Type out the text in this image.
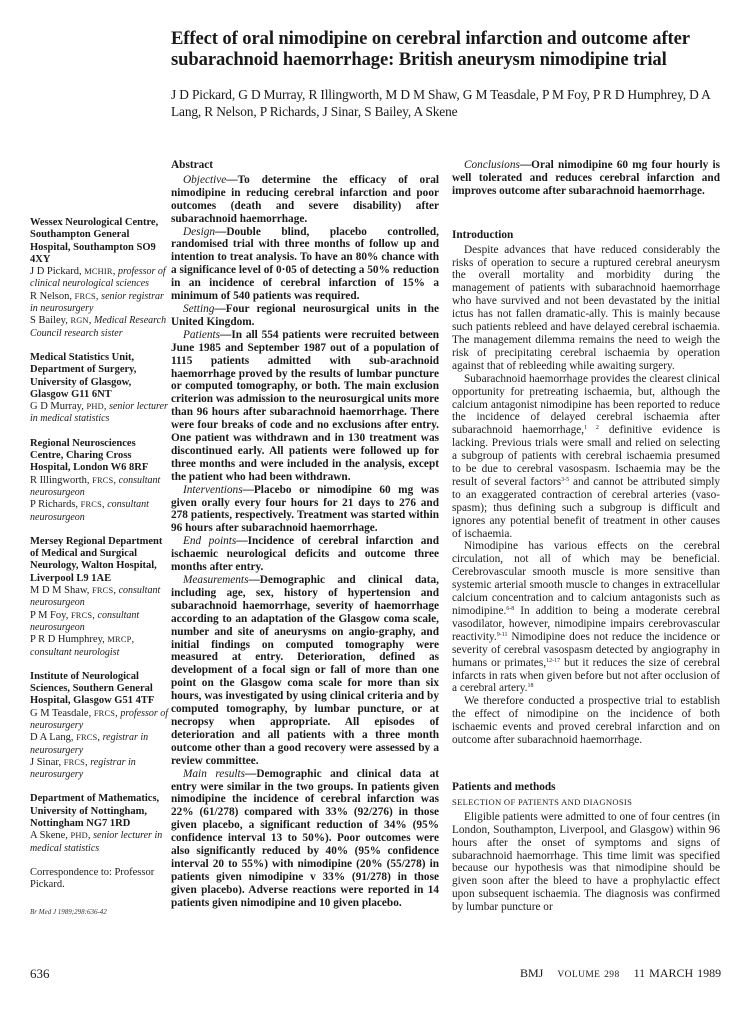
Effect of oral nimodipine on cerebral infarction and outcome after subarachnoid haemorrhage: British aneurysm nimodipine trial
J D Pickard, G D Murray, R Illingworth, M D M Shaw, G M Teasdale, P M Foy, P R D Humphrey, D A Lang, R Nelson, P Richards, J Sinar, S Bailey, A Skene
Wessex Neurological Centre, Southampton General Hospital, Southampton SO9 4XY
J D Pickard, MCHIR, professor of clinical neurological sciences
R Nelson, FRCS, senior registrar in neurosurgery
S Bailey, RGN, Medical Research Council research sister
Medical Statistics Unit, Department of Surgery, University of Glasgow, Glasgow G11 6NT
G D Murray, PHD, senior lecturer in medical statistics
Regional Neurosciences Centre, Charing Cross Hospital, London W6 8RF
R Illingworth, FRCS, consultant neurosurgeon
P Richards, FRCS, consultant neurosurgeon
Mersey Regional Department of Medical and Surgical Neurology, Walton Hospital, Liverpool L9 1AE
M D M Shaw, FRCS, consultant neurosurgeon
P M Foy, FRCS, consultant neurosurgeon
P R D Humphrey, MRCP, consultant neurologist
Institute of Neurological Sciences, Southern General Hospital, Glasgow G51 4TF
G M Teasdale, FRCS, professor of neurosurgery
D A Lang, FRCS, registrar in neurosurgery
J Sinar, FRCS, registrar in neurosurgery
Department of Mathematics, University of Nottingham, Nottingham NG7 1RD
A Skene, PHD, senior lecturer in medical statistics
Correspondence to: Professor Pickard.
Br Med J 1989;298:636-42
Abstract

Objective—To determine the efficacy of oral nimodipine in reducing cerebral infarction and poor outcomes (death and severe disability) after subarachnoid haemorrhage.

Design—Double blind, placebo controlled, randomised trial with three months of follow up and intention to treat analysis. To have an 80% chance with a significance level of 0·05 of detecting a 50% reduction in an incidence of cerebral infarction of 15% a minimum of 540 patients was required.

Setting—Four regional neurosurgical units in the United Kingdom.

Patients—In all 554 patients were recruited between June 1985 and September 1987 out of a population of 1115 patients admitted with sub-arachnoid haemorrhage proved by the results of lumbar puncture or computed tomography, or both. The main exclusion criterion was admission to the neurosurgical units more than 96 hours after subarachnoid haemorrhage. There were four breaks of code and no exclusions after entry. One patient was withdrawn and in 130 treatment was discontinued early. All patients were followed up for three months and were included in the analysis, except the patient who had been withdrawn.

Interventions—Placebo or nimodipine 60 mg was given orally every four hours for 21 days to 276 and 278 patients, respectively. Treatment was started within 96 hours after subarachnoid haemorrhage.

End points—Incidence of cerebral infarction and ischaemic neurological deficits and outcome three months after entry.

Measurements—Demographic and clinical data, including age, sex, history of hypertension and subarachnoid haemorrhage, severity of haemorrhage according to an adaptation of the Glasgow coma scale, number and site of aneurysms on angio-graphy, and initial findings on computed tomography were measured at entry. Deterioration, defined as development of a focal sign or fall of more than one point on the Glasgow coma scale for more than six hours, was investigated by using clinical criteria and by computed tomography, by lumbar puncture, or at necropsy when appropriate. All episodes of deterioration and all patients with a three month outcome other than a good recovery were assessed by a review committee.

Main results—Demographic and clinical data at entry were similar in the two groups. In patients given nimodipine the incidence of cerebral infarction was 22% (61/278) compared with 33% (92/276) in those given placebo, a significant reduction of 34% (95% confidence interval 13 to 50%). Poor outcomes were also significantly reduced by 40% (95% confidence interval 20 to 55%) with nimodipine (20% (55/278) in patients given nimodipine v 33% (91/278) in those given placebo). Adverse reactions were reported in 14 patients given nimodipine and 10 given placebo.

Conclusions—Oral nimodipine 60 mg four hourly is well tolerated and reduces cerebral infarction and improves outcome after subarachnoid haemorrhage.

Introduction

Despite advances that have reduced considerably the risks of operation to secure a ruptured cerebral aneurysm the overall mortality and morbidity during the management of patients with subarachnoid haemorrhage who have survived and not been devastated by the initial ictus has not fallen dramatic-ally. This is mainly because such patients rebleed and have delayed cerebral ischaemia. The management dilemma remains the need to weigh the risk of precipitating cerebral ischaemia by operation against that of rebleeding while awaiting surgery.

Subarachnoid haemorrhage provides the clearest clinical opportunity for pretreating ischaemia, but, although the calcium antagonist nimodipine has been reported to reduce the incidence of delayed cerebral ischaemia after subarachnoid haemorrhage,$^{1 2}$ definitive evidence is lacking. Previous trials were small and relied on selecting a subgroup of patients with cerebral ischaemia presumed to be due to cerebral vasospasm. Ischaemia may be the result of several factors$^{3-5}$ and cannot be attributed simply to an exaggerated contraction of cerebral arteries (vaso-spasm); thus defining such a subgroup is difficult and ignores any potential benefit of treatment in other causes of ischaemia.

Nimodipine has various effects on the cerebral circulation, not all of which may be beneficial. Cerebrovascular smooth muscle is more sensitive than systemic arterial smooth muscle to changes in extracellular calcium concentration and to calcium antagonists such as nimodipine.$^{6-8}$ In addition to being a moderate cerebral vasodilator, however, nimodipine impairs cerebrovascular reactivity.$^{9-11}$ Nimodipine does not reduce the incidence or severity of cerebral vasospasm detected by angiography in humans or primates,$^{12-17}$ but it reduces the size of cerebral infarcts in rats when given before but not after occlusion of a cerebral artery.$^{18}$

We therefore conducted a prospective trial to establish the effect of nimodipine on the incidence of both ischaemic events and proved cerebral infarction and on outcome after subarachnoid haemorrhage.

Patients and methods

SELECTION OF PATIENTS AND DIAGNOSIS

Eligible patients were admitted to one of four centres (in London, Southampton, Liverpool, and Glasgow) within 96 hours after the onset of symptoms and signs of subarachnoid haemorrhage. This time limit was specified because our hypothesis was that nimodipine should be given soon after the bleed to have a prophylactic effect upon subsequent ischaemia. The diagnosis was confirmed by lumbar puncture or

636	BMJ VOLUME 298 11 MARCH 1989
